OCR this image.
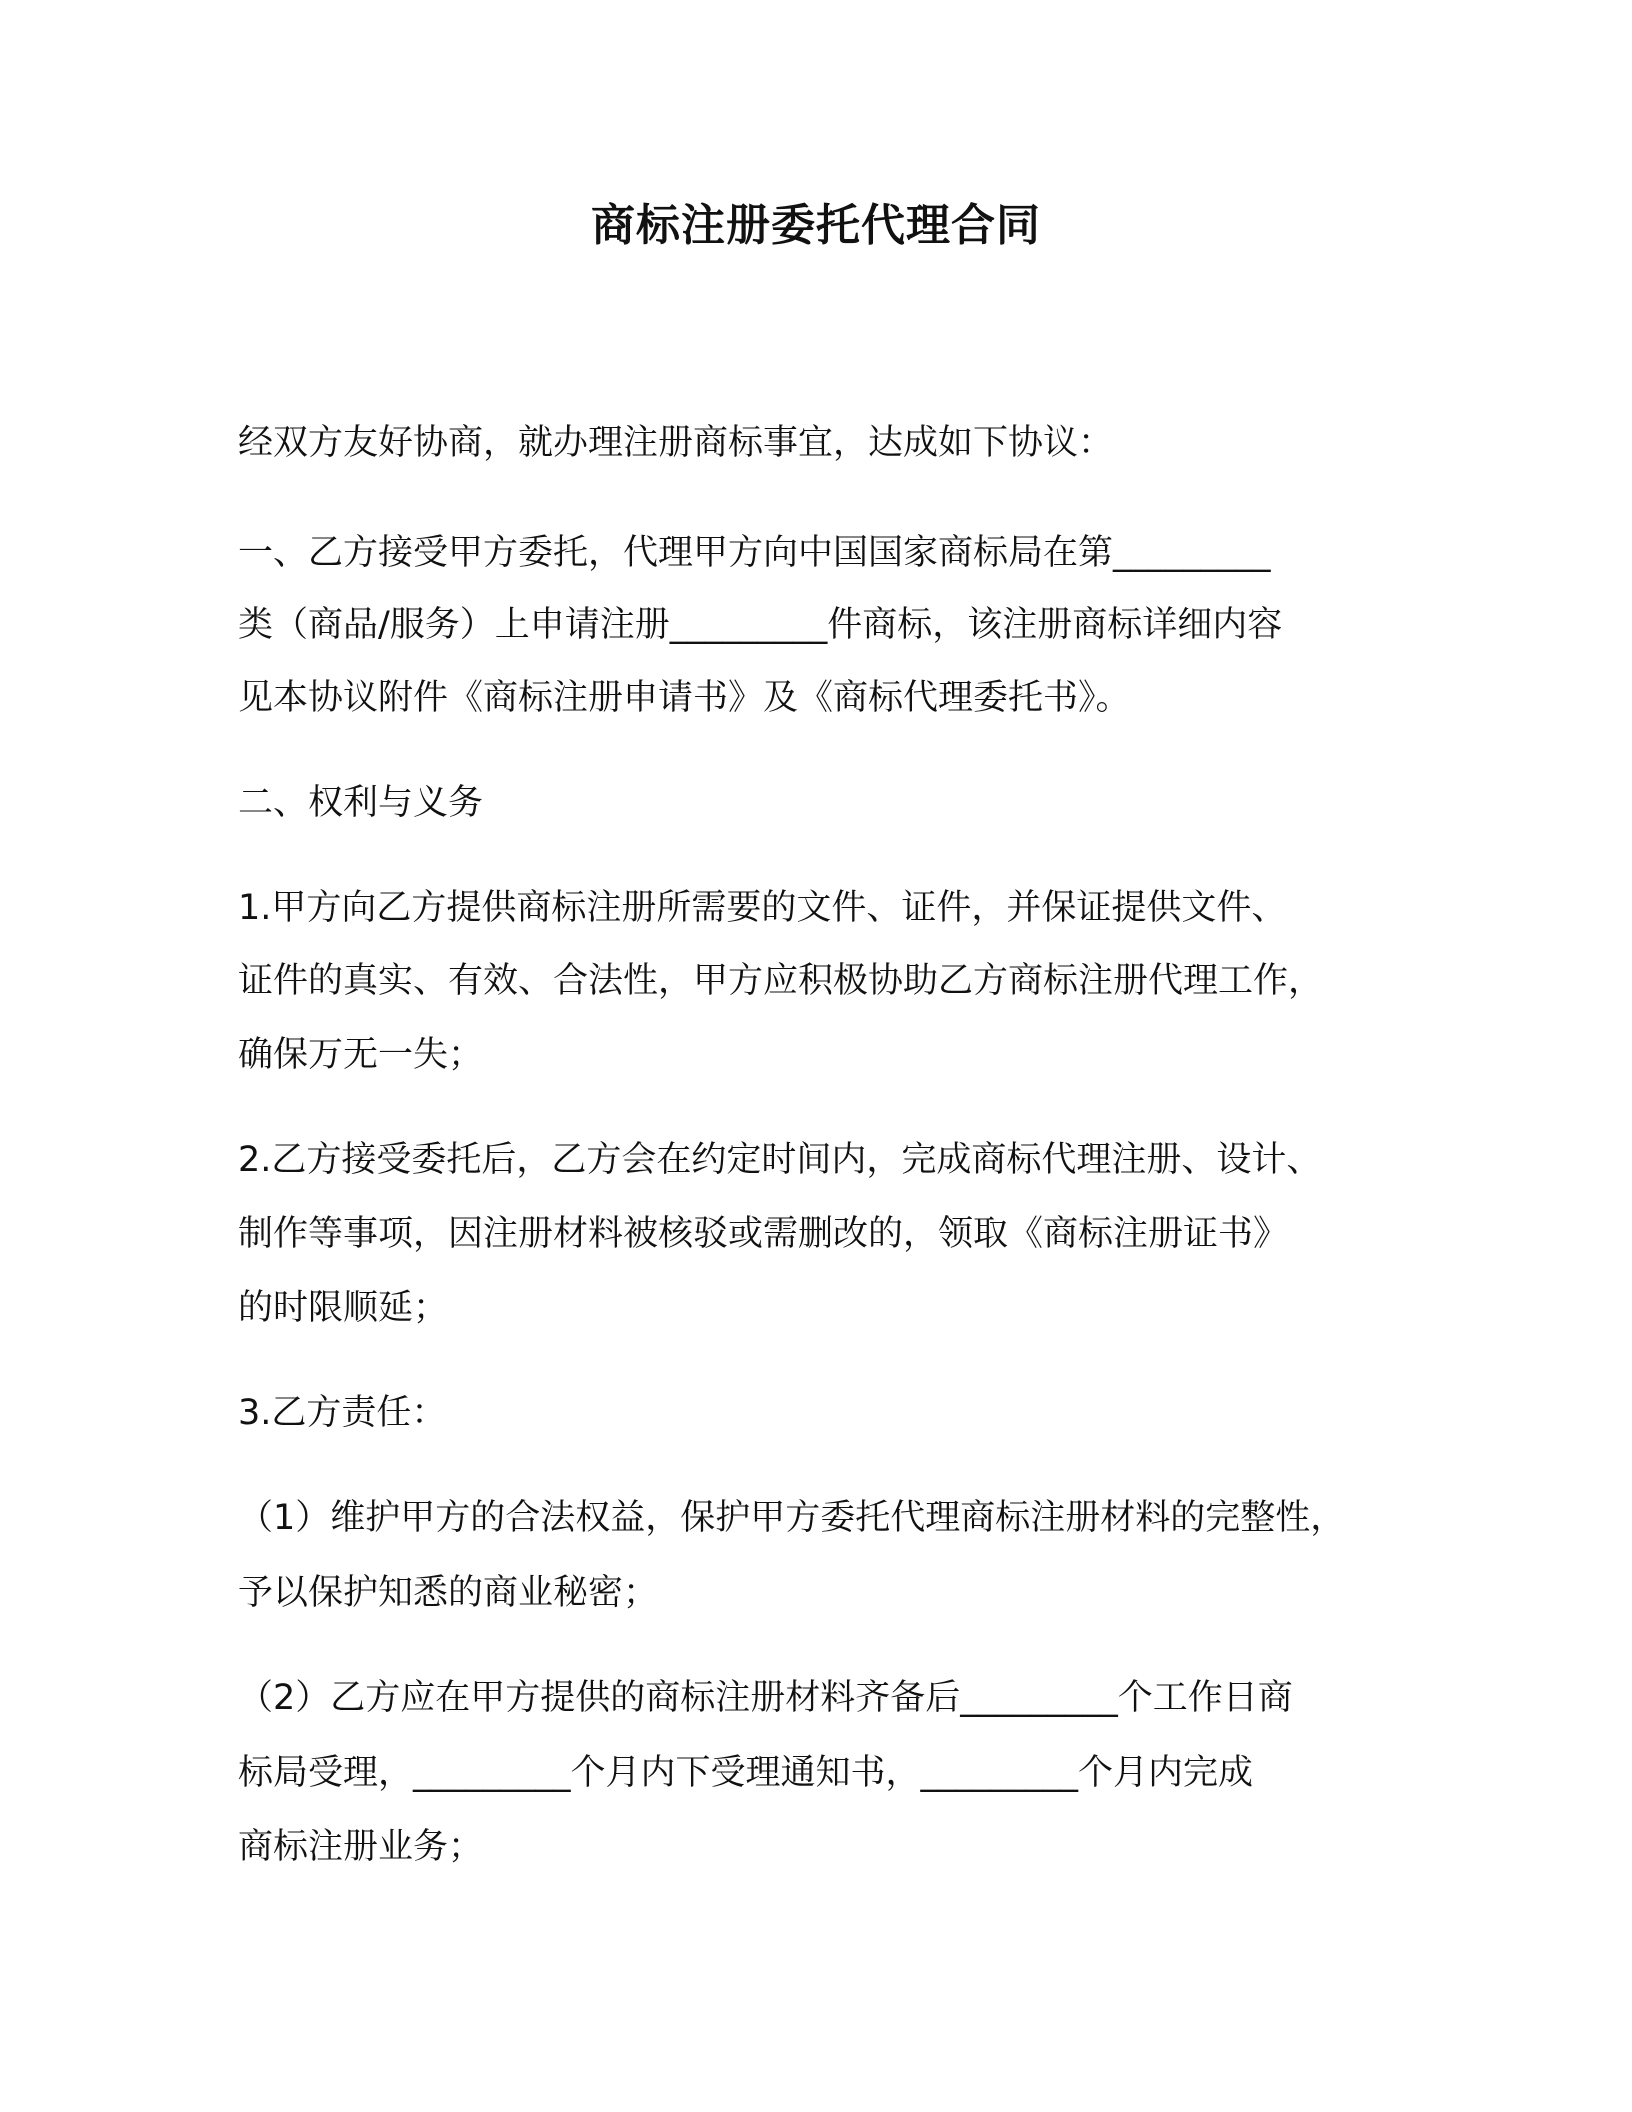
商标注册委托代理合同

经双方友好协商，就办理注册商标事宜，达成如下协议：

一、乙方接受甲方委托，代理甲方向中国国家商标局在第_________

类（商品/服务）上申请注册_________件商标，该注册商标详细内容

见本协议附件《商标注册申请书》及《商标代理委托书》。

二、权利与义务

1.甲方向乙方提供商标注册所需要的文件、证件，并保证提供文件、

证件的真实、有效、合法性，甲方应积极协助乙方商标注册代理工作，

确保万无一失；

2.乙方接受委托后，乙方会在约定时间内，完成商标代理注册、设计、

制作等事项，因注册材料被核驳或需删改的，领取《商标注册证书》

的时限顺延；

3.乙方责任：

（1）维护甲方的合法权益，保护甲方委托代理商标注册材料的完整性，

予以保护知悉的商业秘密；

（2）乙方应在甲方提供的商标注册材料齐备后_________个工作日商

标局受理，_________个月内下受理通知书，_________个月内完成

商标注册业务；
